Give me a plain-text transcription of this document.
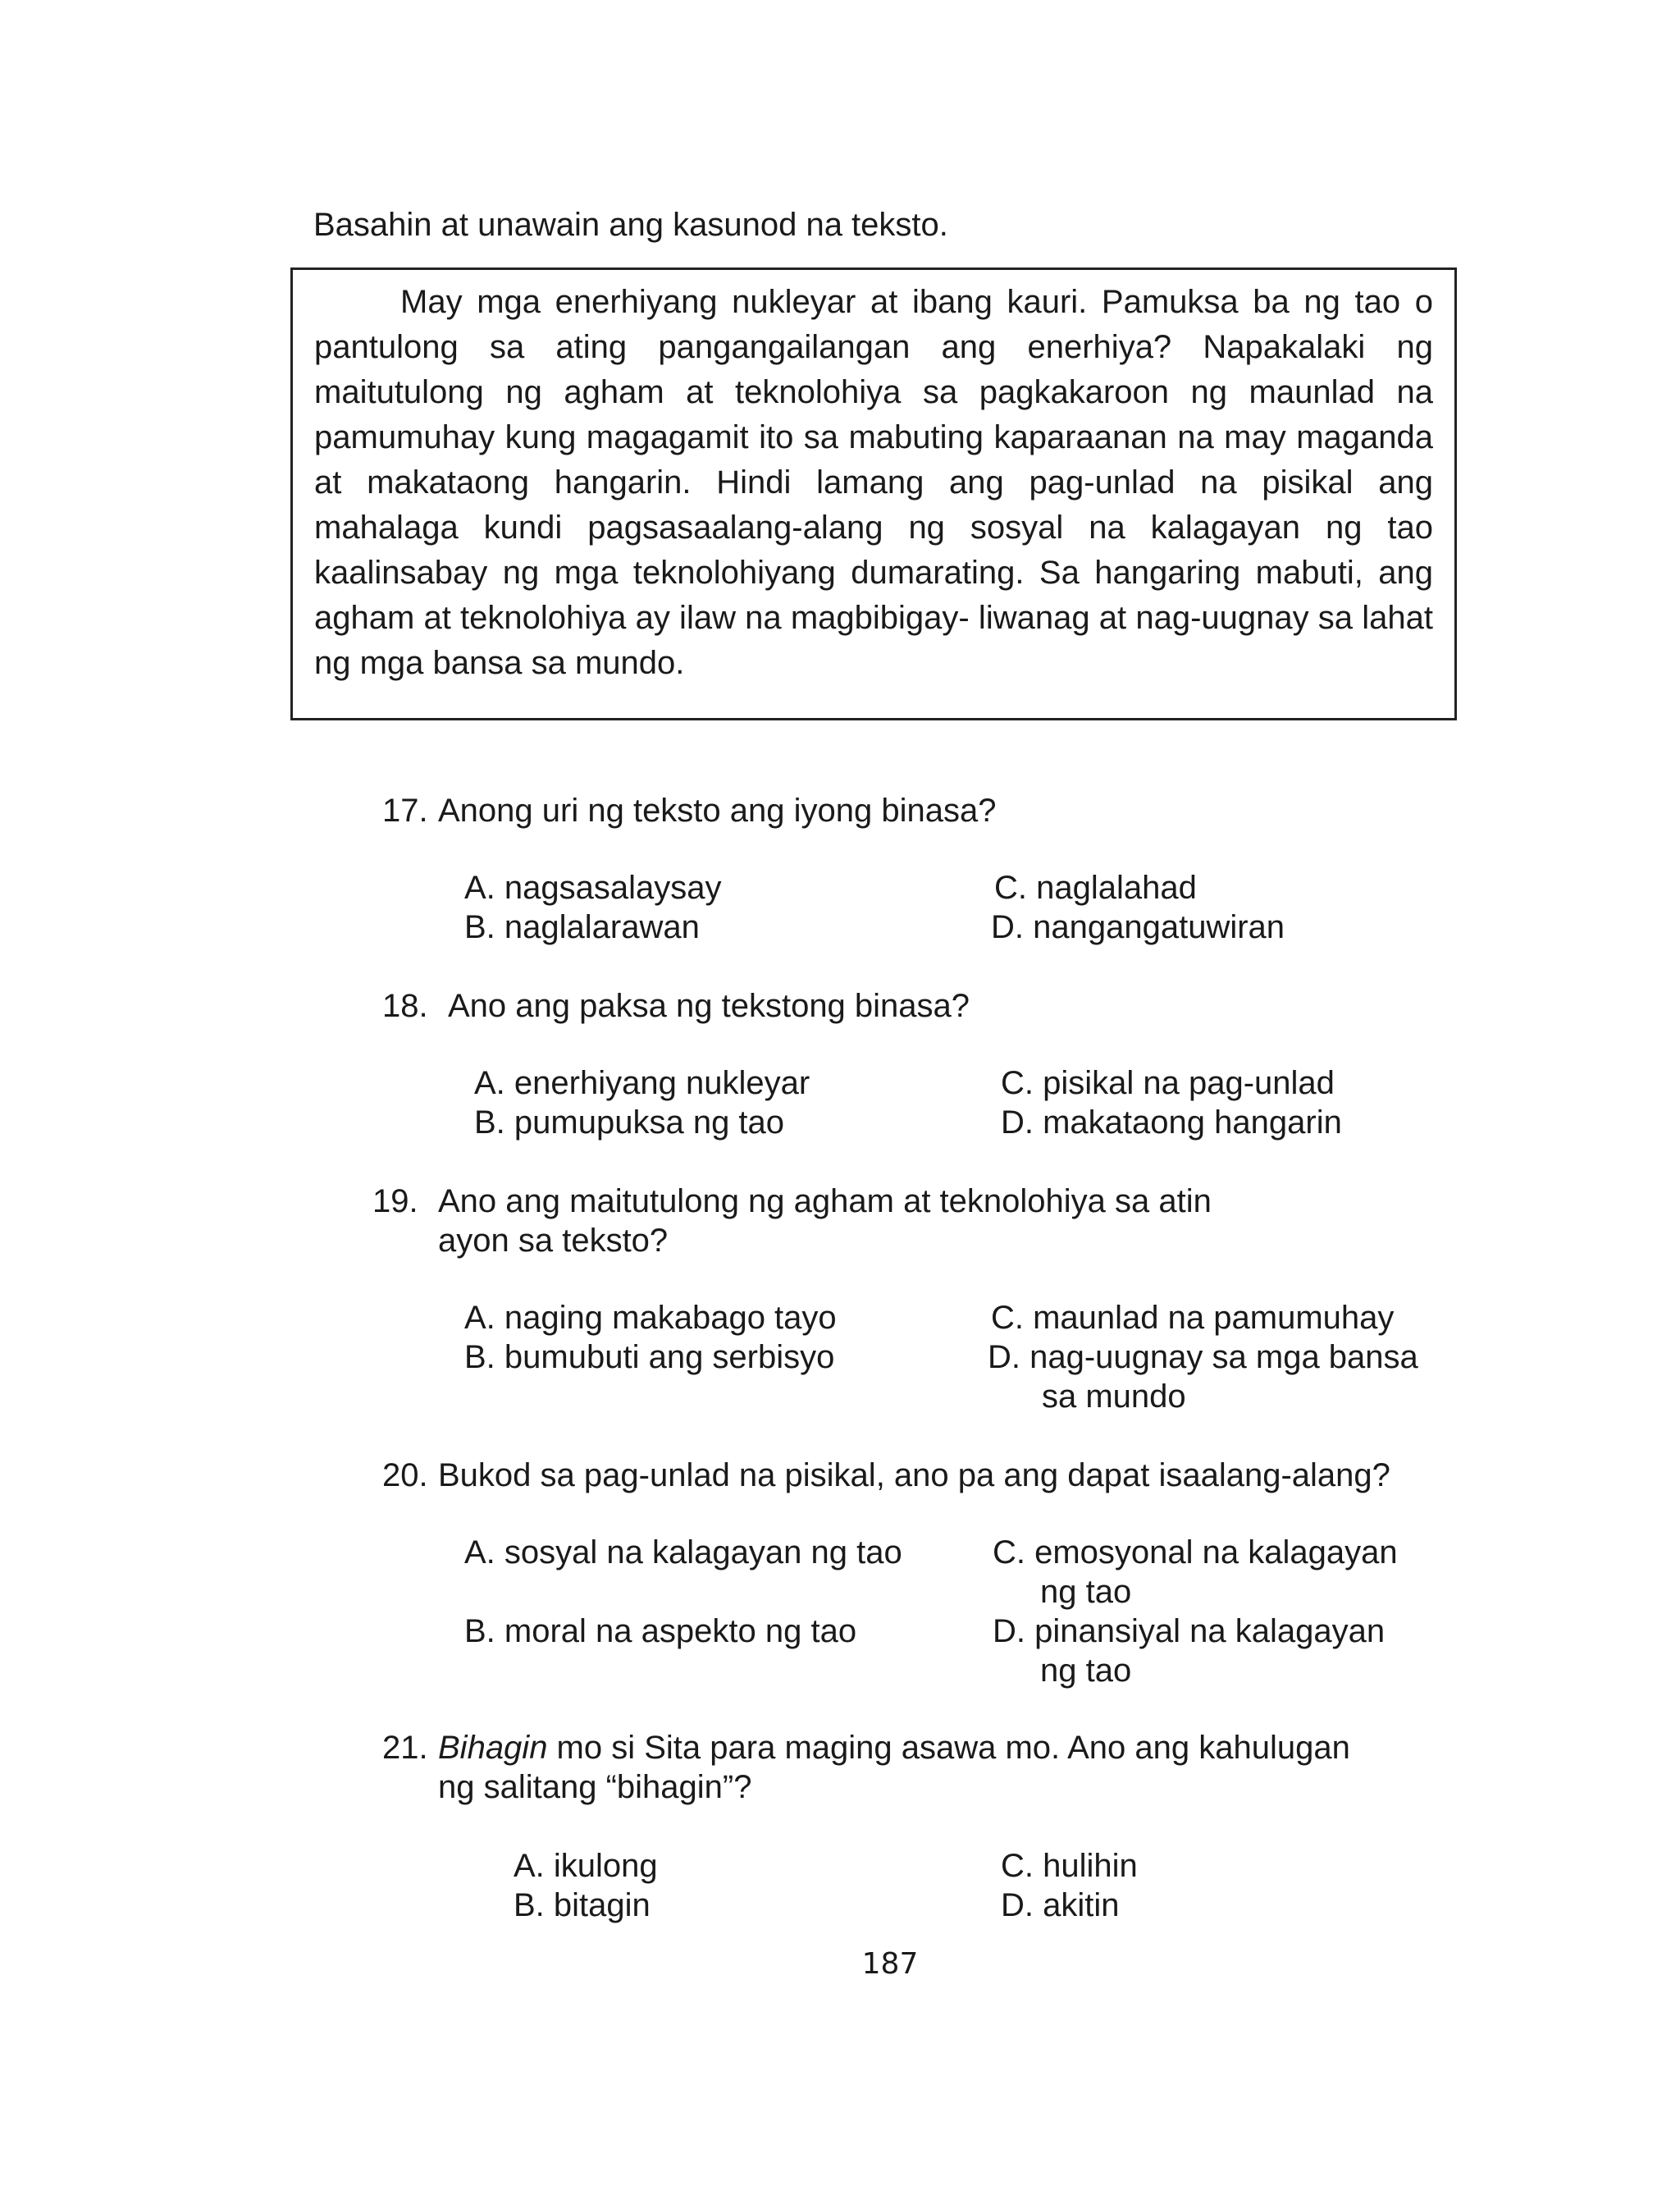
Basahin at unawain ang kasunod na teksto.

May mga enerhiyang nukleyar at ibang kauri. Pamuksa ba ng tao o pantulong sa ating pangangailangan ang enerhiya? Napakalaki ng maitutulong ng agham at teknolohiya sa pagkakaroon ng maunlad na pamumuhay kung magagamit ito sa mabuting kaparaanan na may maganda at makataong hangarin. Hindi lamang ang pag-unlad na pisikal ang mahalaga kundi pagsasaalang-alang ng sosyal na kalagayan ng tao kaalinsabay ng mga teknolohiyang dumarating. Sa hangaring mabuti, ang agham at teknolohiya ay ilaw na magbibigay- liwanag at nag-uugnay sa lahat ng mga bansa sa mundo.

17. Anong uri ng teksto ang iyong binasa?
A. nagsasalaysay
B. naglalarawan
C. naglalahad
D. nangangatuwiran
18. Ano ang paksa ng tekstong binasa?
A. enerhiyang nukleyar
B. pumupuksa ng tao
C. pisikal na pag-unlad
D. makataong hangarin
19. Ano ang maitutulong ng agham at teknolohiya sa atin
ayon sa teksto?
A. naging makabago tayo
B. bumubuti ang serbisyo
C. maunlad na pamumuhay
D. nag-uugnay sa mga bansa
sa mundo
20. Bukod sa pag-unlad na pisikal, ano pa ang dapat isaalang-alang?
A. sosyal na kalagayan ng tao
B. moral na aspekto ng tao
C. emosyonal na kalagayan
ng tao
D. pinansiyal na kalagayan
ng tao
21. Bihagin mo si Sita para maging asawa mo. Ano ang kahulugan
ng salitang “bihagin”?
A. ikulong
B. bitagin
C. hulihin
D. akitin
187
